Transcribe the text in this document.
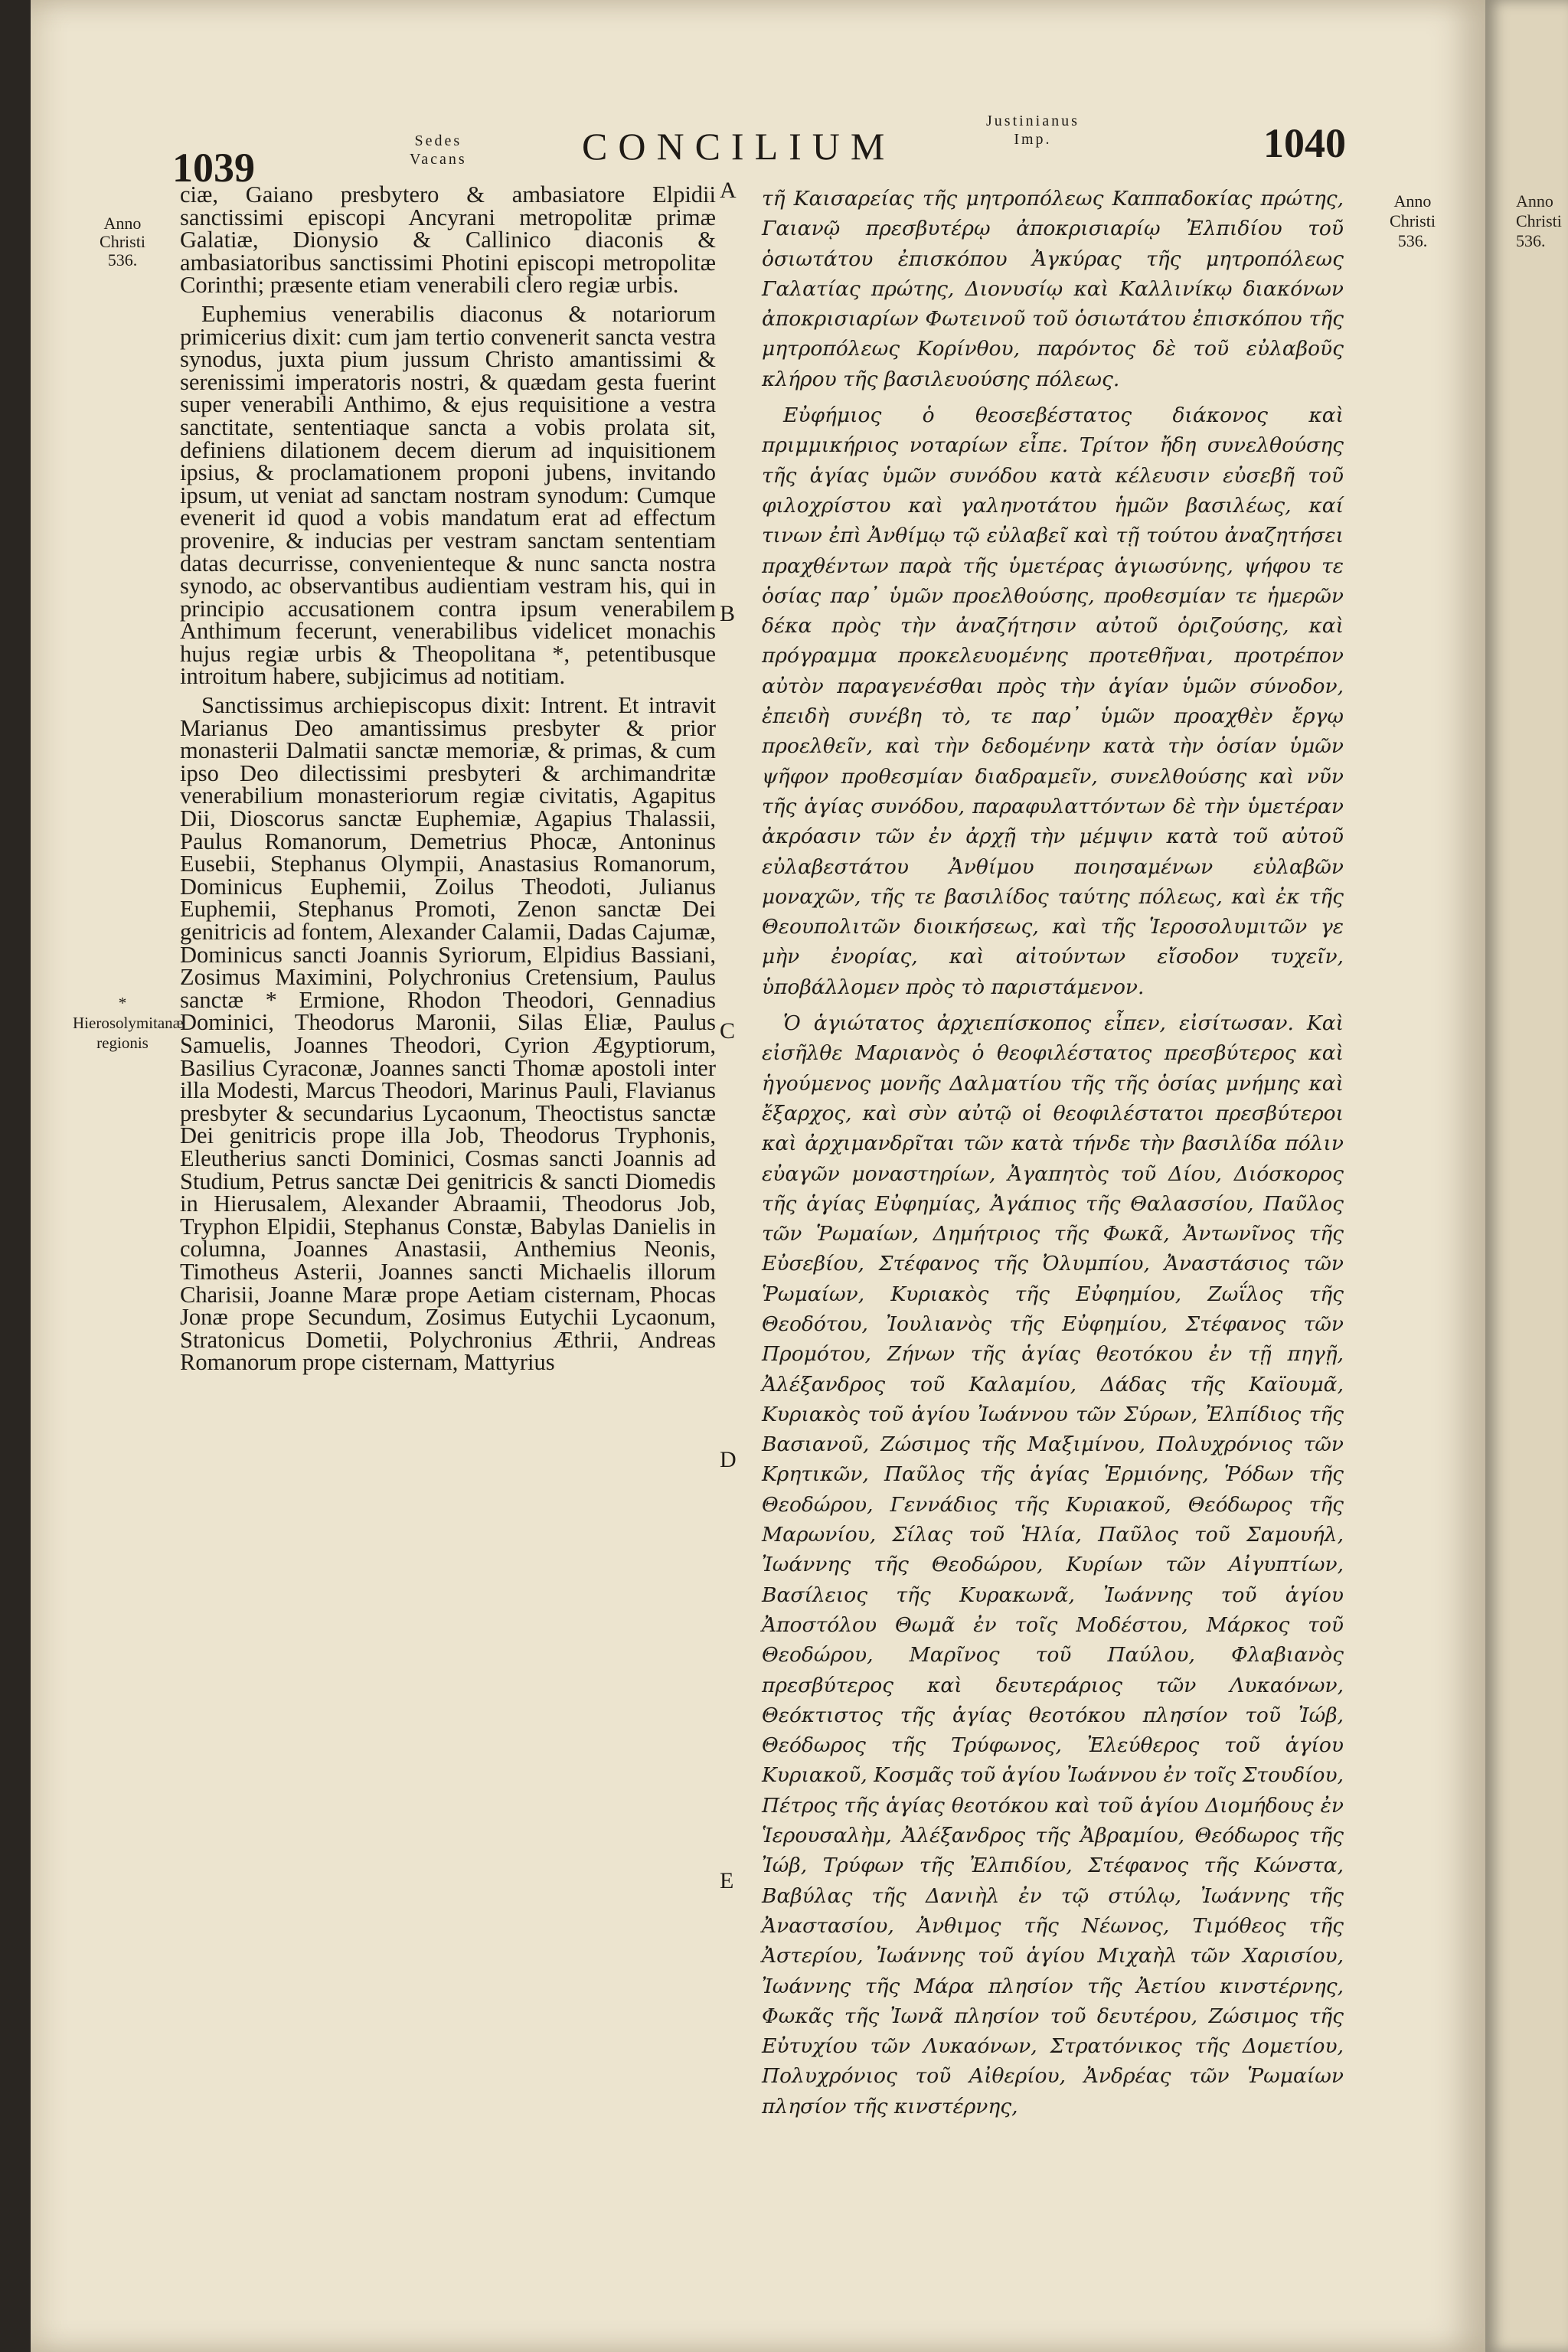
Anno
Christi
536.
1039
Sedes
Vacans	CONCILIUM
Justinianus
Imp.	1040
Anno
Christi
536.
Anno
Christi
536.
* Hierosolymitanæ regionis
A
B
C
D
E

ciæ, Gaiano presbytero & ambasiatore Elpidii sanctissimi episcopi Ancyrani metropolitæ primæ Galatiæ, Dionysio & Callinico diaconis & ambasiatoribus sanctissimi Photini episcopi metropolitæ Corinthi; præsente etiam venerabili clero regiæ urbis.

Euphemius venerabilis diaconus & notariorum primicerius dixit: cum jam tertio convenerit sancta vestra synodus, juxta pium jussum Christo amantissimi & serenissimi imperatoris nostri, & quædam gesta fuerint super venerabili Anthimo, & ejus requisitione a vestra sanctitate, sententiaque sancta a vobis prolata sit, definiens dilationem decem dierum ad inquisitionem ipsius, & proclamationem proponi jubens, invitando ipsum, ut veniat ad sanctam nostram synodum: Cumque evenerit id quod a vobis mandatum erat ad effectum provenire, & inducias per vestram sanctam sententiam datas decurrisse, convenienteque & nunc sancta nostra synodo, ac observantibus audientiam vestram his, qui in principio accusationem contra ipsum venerabilem Anthimum fecerunt, venerabilibus videlicet monachis hujus regiæ urbis & Theopolitana *, petentibusque introitum habere, subjicimus ad notitiam.

Sanctissimus archiepiscopus dixit: Intrent. Et intravit Marianus Deo amantissimus presbyter & prior monasterii Dalmatii sanctæ memoriæ, & primas, & cum ipso Deo dilectissimi presbyteri & archimandritæ venerabilium monasteriorum regiæ civitatis, Agapitus Dii, Dioscorus sanctæ Euphemiæ, Agapius Thalassii, Paulus Romanorum, Demetrius Phocæ, Antoninus Eusebii, Stephanus Olympii, Anastasius Romanorum, Dominicus Euphemii, Zoilus Theodoti, Julianus Euphemii, Stephanus Promoti, Zenon sanctæ Dei genitricis ad fontem, Alexander Calamii, Dadas Cajumæ, Dominicus sancti Joannis Syriorum, Elpidius Bassiani, Zosimus Maximini, Polychronius Cretensium, Paulus sanctæ * Ermione, Rhodon Theodori, Gennadius Dominici, Theodorus Maronii, Silas Eliæ, Paulus Samuelis, Joannes Theodori, Cyrion Ægyptiorum, Basilius Cyraconæ, Joannes sancti Thomæ apostoli inter illa Modesti, Marcus Theodori, Marinus Pauli, Flavianus presbyter & secundarius Lycaonum, Theoctistus sanctæ Dei genitricis prope illa Job, Theodorus Tryphonis, Eleutherius sancti Dominici, Cosmas sancti Joannis ad Studium, Petrus sanctæ Dei genitricis & sancti Diomedis in Hierusalem, Alexander Abraamii, Theodorus Job, Tryphon Elpidii, Stephanus Constæ, Babylas Danielis in columna, Joannes Anastasii, Anthemius Neonis, Timotheus Asterii, Joannes sancti Michaelis illorum Charisii, Joanne Maræ prope Aetiam cisternam, Phocas Jonæ prope Secundum, Zosimus Eutychii Lycaonum, Stratonicus Dometii, Polychronius Æthrii, Andreas Romanorum prope cisternam, Mattyrius

τῆ Καισαρείας τῆς μητροπόλεως Καππαδοκίας πρώτης, Γαιανῷ πρεσβυτέρῳ ἀποκρισιαρίῳ Ἐλπιδίου τοῦ ὁσιωτάτου ἐπισκόπου Ἀγκύρας τῆς μητροπόλεως Γαλατίας πρώτης, Διονυσίῳ καὶ Καλλινίκῳ διακόνων ἀποκρισιαρίων Φωτεινοῦ τοῦ ὁσιωτάτου ἐπισκόπου τῆς μητροπόλεως Κορίνθου, παρόντος δὲ τοῦ εὐλαβοῦς κλήρου τῆς βασιλευούσης πόλεως.

Εὐφήμιος ὁ θεοσεβέστατος διάκονος καὶ πριμμικήριος νοταρίων εἶπε. Τρίτον ἤδη συνελθούσης τῆς ἁγίας ὑμῶν συνόδου κατὰ κέλευσιν εὐσεβῆ τοῦ φιλοχρίστου καὶ γαληνοτάτου ἡμῶν βασιλέως, καί τινων ἐπὶ Ἀνθίμῳ τῷ εὐλαβεῖ καὶ τῇ τούτου ἀναζητήσει πραχθέντων παρὰ τῆς ὑμετέρας ἁγιωσύνης, ψήφου τε ὁσίας παρ᾽ ὑμῶν προελθούσης, προθεσμίαν τε ἡμερῶν δέκα πρὸς τὴν ἀναζήτησιν αὐτοῦ ὁριζούσης, καὶ πρόγραμμα προκελευομένης προτεθῆναι, προτρέπον αὐτὸν παραγενέσθαι πρὸς τὴν ἁγίαν ὑμῶν σύνοδον, ἐπειδὴ συνέβη τὸ, τε παρ᾽ ὑμῶν προαχθὲν ἔργῳ προελθεῖν, καὶ τὴν δεδομένην κατὰ τὴν ὁσίαν ὑμῶν ψῆφον προθεσμίαν διαδραμεῖν, συνελθούσης καὶ νῦν τῆς ἁγίας συνόδου, παραφυλαττόντων δὲ τὴν ὑμετέραν ἀκρόασιν τῶν ἐν ἀρχῇ τὴν μέμψιν κατὰ τοῦ αὐτοῦ εὐλαβεστάτου Ἀνθίμου ποιησαμένων εὐλαβῶν μοναχῶν, τῆς τε βασιλίδος ταύτης πόλεως, καὶ ἐκ τῆς Θεουπολιτῶν διοικήσεως, καὶ τῆς Ἱεροσολυμιτῶν γε μὴν ἐνορίας, καὶ αἰτούντων εἴσοδον τυχεῖν, ὑποβάλλομεν πρὸς τὸ παριστάμενον.

Ὁ ἁγιώτατος ἀρχιεπίσκοπος εἶπεν, εἰσίτωσαν. Καὶ εἰσῆλθε Μαριανὸς ὁ θεοφιλέστατος πρεσβύτερος καὶ ἡγούμενος μονῆς Δαλματίου τῆς τῆς ὁσίας μνήμης καὶ ἔξαρχος, καὶ σὺν αὐτῷ οἱ θεοφιλέστατοι πρεσβύτεροι καὶ ἀρχιμανδρῖται τῶν κατὰ τήνδε τὴν βασιλίδα πόλιν εὐαγῶν μοναστηρίων, Ἀγαπητὸς τοῦ Δίου, Διόσκορος τῆς ἁγίας Εὐφημίας, Ἀγάπιος τῆς Θαλασσίου, Παῦλος τῶν Ῥωμαίων, Δημήτριος τῆς Φωκᾶ, Ἀντωνῖνος τῆς Εὐσεβίου, Στέφανος τῆς Ὀλυμπίου, Ἀναστάσιος τῶν Ῥωμαίων, Κυριακὸς τῆς Εὐφημίου, Ζωΐλος τῆς Θεοδότου, Ἰουλιανὸς τῆς Εὐφημίου, Στέφανος τῶν Προμότου, Ζήνων τῆς ἁγίας θεοτόκου ἐν τῇ πηγῇ, Ἀλέξανδρος τοῦ Καλαμίου, Δάδας τῆς Καϊουμᾶ, Κυριακὸς τοῦ ἁγίου Ἰωάννου τῶν Σύρων, Ἐλπίδιος τῆς Βασιανοῦ, Ζώσιμος τῆς Μαξιμίνου, Πολυχρόνιος τῶν Κρητικῶν, Παῦλος τῆς ἁγίας Ἑρμιόνης, Ῥόδων τῆς Θεοδώρου, Γεννάδιος τῆς Κυριακοῦ, Θεόδωρος τῆς Μαρωνίου, Σίλας τοῦ Ἡλία, Παῦλος τοῦ Σαμουήλ, Ἰωάννης τῆς Θεοδώρου, Κυρίων τῶν Αἰγυπτίων, Βασίλειος τῆς Κυρακωνᾶ, Ἰωάννης τοῦ ἁγίου Ἀποστόλου Θωμᾶ ἐν τοῖς Μοδέστου, Μάρκος τοῦ Θεοδώρου, Μαρῖνος τοῦ Παύλου, Φλαβιανὸς πρεσβύτερος καὶ δευτεράριος τῶν Λυκαόνων, Θεόκτιστος τῆς ἁγίας θεοτόκου πλησίον τοῦ Ἰώβ, Θεόδωρος τῆς Τρύφωνος, Ἐλεύθερος τοῦ ἁγίου Κυριακοῦ, Κοσμᾶς τοῦ ἁγίου Ἰωάννου ἐν τοῖς Στουδίου, Πέτρος τῆς ἁγίας θεοτόκου καὶ τοῦ ἁγίου Διομήδους ἐν Ἱερουσαλὴμ, Ἀλέξανδρος τῆς Ἀβραμίου, Θεόδωρος τῆς Ἰώβ, Τρύφων τῆς Ἐλπιδίου, Στέφανος τῆς Κώνστα, Βαβύλας τῆς Δανιὴλ ἐν τῷ στύλῳ, Ἰωάννης τῆς Ἀναστασίου, Ἀνθιμος τῆς Νέωνος, Τιμόθεος τῆς Ἀστερίου, Ἰωάννης τοῦ ἁγίου Μιχαὴλ τῶν Χαρισίου, Ἰωάννης τῆς Μάρα πλησίον τῆς Ἀετίου κινστέρνης, Φωκᾶς τῆς Ἰωνᾶ πλησίον τοῦ δευτέρου, Ζώσιμος τῆς Εὐτυχίου τῶν Λυκαόνων, Στρατόνικος τῆς Δομετίου, Πολυχρόνιος τοῦ Αἰθερίου, Ἀνδρέας τῶν Ῥωμαίων πλησίον τῆς κινστέρνης,
